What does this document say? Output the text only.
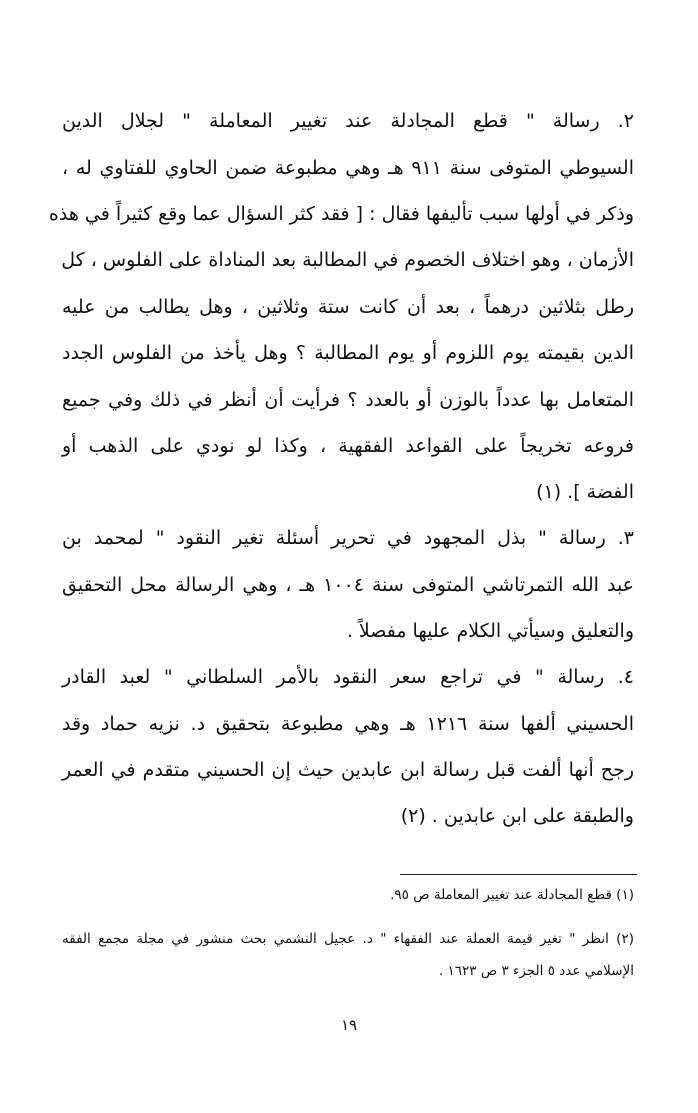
٢. رسالة " قطع المجادلة عند تغيير المعاملة " لجلال الدين
السيوطي المتوفى سنة ٩١١ هـ وهي مطبوعة ضمن الحاوي للفتاوي له ،
وذكر في أولها سبب تأليفها فقال : [ فقد كثر السؤال عما وقع كثيراً في هذه
الأزمان ، وهو اختلاف الخصوم في المطالبة بعد المناداة على الفلوس ، كل
رطل بثلاثين درهماً ، بعد أن كانت ستة وثلاثين ، وهل يطالب من عليه
الدين بقيمته يوم اللزوم أو يوم المطالبة ؟ وهل يأخذ من الفلوس الجدد
المتعامل بها عدداً بالوزن أو بالعدد ؟ فرأيت أن أنظر في ذلك وفي جميع
فروعه تخريجاً على القواعد الفقهية ، وكذا لو نودي على الذهب أو
الفضة ]. (١)
٣. رسالة " بذل المجهود في تحرير أسئلة تغير النقود " لمحمد بن
عبد الله التمرتاشي المتوفى سنة ١٠٠٤ هـ ، وهي الرسالة محل التحقيق
والتعليق وسيأتي الكلام عليها مفصلاً .
٤. رسالة " في تراجع سعر النقود بالأمر السلطاني " لعبد القادر
الحسيني ألفها سنة ١٢١٦ هـ وهي مطبوعة بتحقيق د. نزيه حماد وقد
رجح أنها ألفت قبل رسالة ابن عابدين حيث إن الحسيني متقدم في العمر
والطبقة على ابن عابدين . (٢)
(١) قطع المجادلة عند تغيير المعاملة ص ٩٥.
(٢) انظر " تغير قيمة العملة عند الفقهاء " د. عجيل النشمي بحث منشور في مجلة مجمع الفقه
الإسلامي عدد ٥ الجزء ٣ ص ١٦٢٣ .
١٩
